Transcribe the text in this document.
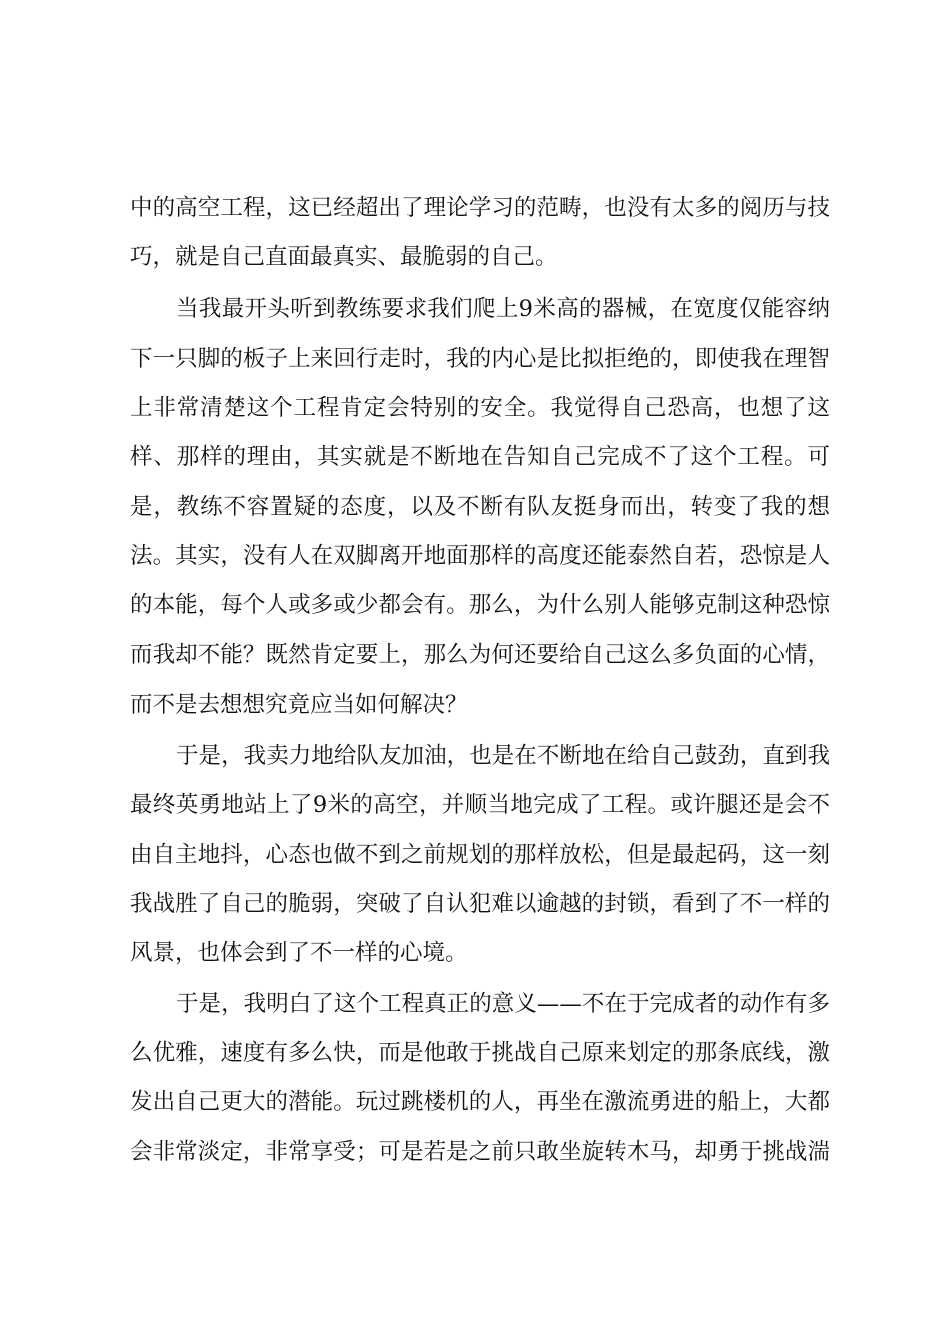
中的高空工程，这已经超出了理论学习的范畴，也没有太多的阅历与技
巧，就是自己直面最真实、最脆弱的自己。
当我最开头听到教练要求我们爬上9米高的器械，在宽度仅能容纳
下一只脚的板子上来回行走时，我的内心是比拟拒绝的，即使我在理智
上非常清楚这个工程肯定会特别的安全。我觉得自己恐高，也想了这
样、那样的理由，其实就是不断地在告知自己完成不了这个工程。可
是，教练不容置疑的态度，以及不断有队友挺身而出，转变了我的想
法。其实，没有人在双脚离开地面那样的高度还能泰然自若，恐惊是人
的本能，每个人或多或少都会有。那么，为什么别人能够克制这种恐惊
而我却不能？既然肯定要上，那么为何还要给自己这么多负面的心情，
而不是去想想究竟应当如何解决？
于是，我卖力地给队友加油，也是在不断地在给自己鼓劲，直到我
最终英勇地站上了9米的高空，并顺当地完成了工程。或许腿还是会不
由自主地抖，心态也做不到之前规划的那样放松，但是最起码，这一刻
我战胜了自己的脆弱，突破了自认犯难以逾越的封锁，看到了不一样的
风景，也体会到了不一样的心境。
于是，我明白了这个工程真正的意义——不在于完成者的动作有多
么优雅，速度有多么快，而是他敢于挑战自己原来划定的那条底线，激
发出自己更大的潜能。玩过跳楼机的人，再坐在激流勇进的船上，大都
会非常淡定，非常享受；可是若是之前只敢坐旋转木马，却勇于挑战湍
